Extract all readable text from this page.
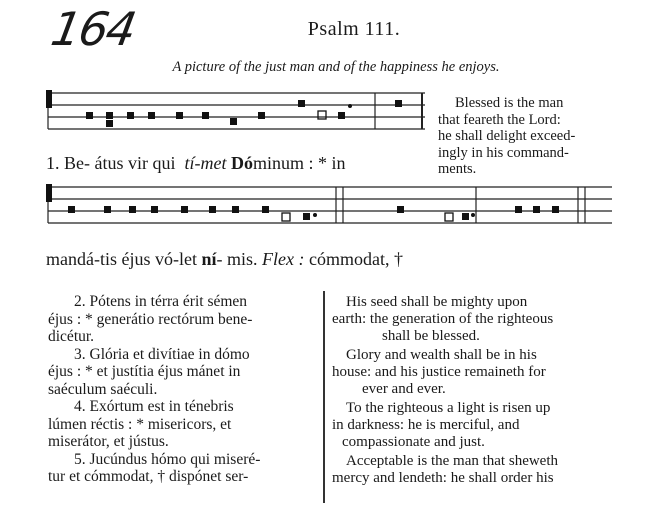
164	Psalm 111.
A picture of the just man and of the happiness he enjoys.
Blessed is the man
that feareth the Lord:
he shall delight exceed-
ingly in his command-
ments.
1. Be- átus vir qui tí-met Dóminum : * in
mandá-tis éjus vó-let ní- mis. Flex : cómmodat, †
2. Pótens in térra érit sémen
éjus : * generátio rectórum bene-
dicétur.
3. Glória et divítiae in dómo
éjus : * et justítia éjus mánet in
saéculum saéculi.
4. Exórtum est in ténebris
lúmen réctis : * misericors, et
miserátor, et jústus.
5. Jucúndus hómo qui miseré-
tur et cómmodat, † dispónet ser-
His seed shall be mighty upon
earth: the generation of the righteous
shall be blessed.
Glory and wealth shall be in his
house: and his justice remaineth for
ever and ever.
To the righteous a light is risen up
in darkness: he is merciful, and
compassionate and just.
Acceptable is the man that sheweth
mercy and lendeth: he shall order his
